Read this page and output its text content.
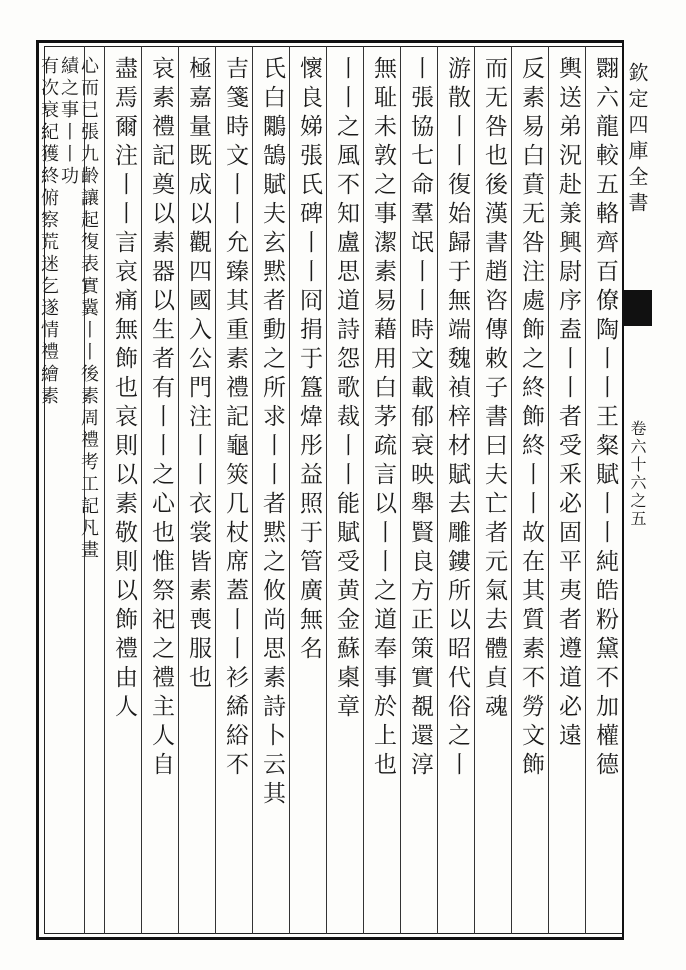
欽定四庫全書
卷六十六之五
翾六龍較五輅齊百僚陶丨丨王粲賦丨丨純皓粉黛不加權德
輿送弟況赴羕興尉序盍丨丨者受釆必固平夷者遵道必遠
反素易白賁无咎注處飾之終飾終丨丨故在其質素不勞文飾
而无咎也後漢書趙咨傳敕子書曰夫亡者元氣去體貞魂
游散丨丨復始歸于無端魏禎梓材賦去雕鏤所以昭代俗之丨
丨張協七命羣氓丨丨時文載郁衰映舉賢良方正策實覩還淳
無耻未敦之事潔素易藉用白茅疏言以丨丨之道奉事於上也
丨丨之風不知盧思道詩怨歌裁丨丨能賦受黄金蘇㮚章
懷良娣張氏碑丨丨冏捐于簋煒彤益照于管廣無名
氏白鷴鵠賦夫玄黙者動之所求丨丨者黙之攸尚思素詩卜云其
吉箋時文丨丨允臻其重素禮記龜筴几杖席蓋丨丨衫絺綌不
極嘉量既成以觀四國入公門注丨丨衣裳皆素喪服也
哀素禮記奠以素器以生者有丨丨之心也惟祭祀之禮主人自
盡焉爾注丨丨言哀痛無飾也哀則以素敬則以飾禮由人
心而已張九齡讓起復表實冀丨丨後素周禮考工記凡畫
績之事丨丨功
有次衰紀獲終俯察荒迷乞遂情禮繪素
